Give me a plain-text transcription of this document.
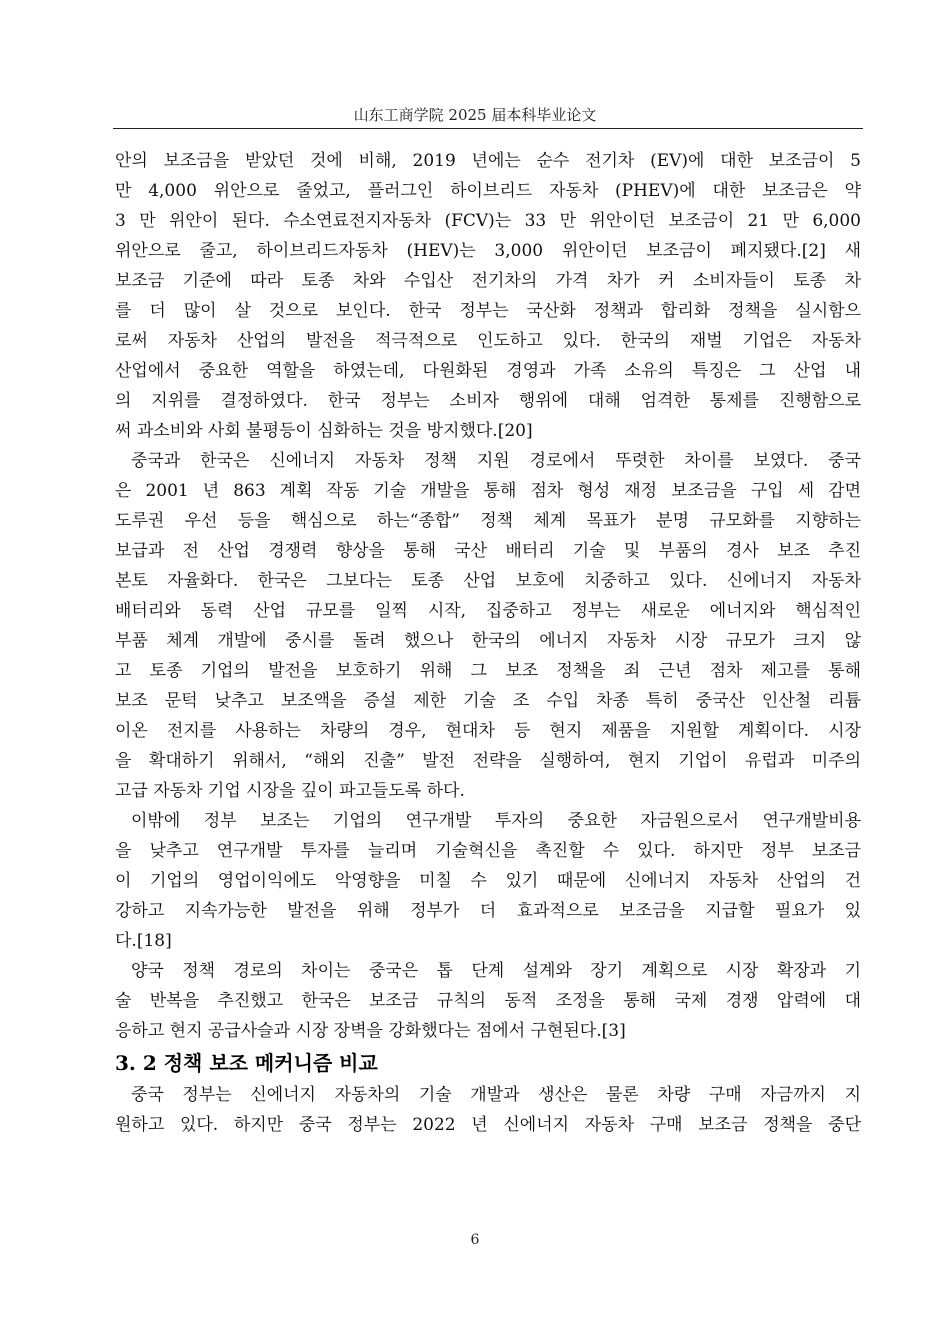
山东工商学院 2025 届本科毕业论文
안의 보조금을 받았던 것에 비해, 2019 년에는 순수 전기차 (EV)에 대한 보조금이 5
만 4,000 위안으로 줄었고, 플러그인 하이브리드 자동차 (PHEV)에 대한 보조금은 약
3 만 위안이 된다. 수소연료전지자동차 (FCV)는 33 만 위안이던 보조금이 21 만 6,000
위안으로 줄고, 하이브리드자동차 (HEV)는 3,000 위안이던 보조금이 폐지됐다.[2] 새
보조금 기준에 따라 토종 차와 수입산 전기차의 가격 차가 커 소비자들이 토종 차
를 더 많이 살 것으로 보인다. 한국 정부는 국산화 정책과 합리화 정책을 실시함으
로써 자동차 산업의 발전을 적극적으로 인도하고 있다. 한국의 재벌 기업은 자동차
산업에서 중요한 역할을 하였는데, 다원화된 경영과 가족 소유의 특징은 그 산업 내
의 지위를 결정하였다. 한국 정부는 소비자 행위에 대해 엄격한 통제를 진행함으로
써 과소비와 사회 불평등이 심화하는 것을 방지했다.[20]
중국과 한국은 신에너지 자동차 정책 지원 경로에서 뚜렷한 차이를 보였다. 중국
은 2001 년 863 계획 작동 기술 개발을 통해 점차 형성 재정 보조금을 구입 세 감면
도루권 우선 등을 핵심으로 하는“종합” 정책 체계 목표가 분명 규모화를 지향하는
보급과 전 산업 경쟁력 향상을 통해 국산 배터리 기술 및 부품의 경사 보조 추진
본토 자율화다. 한국은 그보다는 토종 산업 보호에 치중하고 있다. 신에너지 자동차
배터리와 동력 산업 규모를 일찍 시작, 집중하고 정부는 새로운 에너지와 핵심적인
부품 체계 개발에 중시를 돌려 했으나 한국의 에너지 자동차 시장 규모가 크지 않
고 토종 기업의 발전을 보호하기 위해 그 보조 정책을 죄 근년 점차 제고를 통해
보조 문턱 낮추고 보조액을 증설 제한 기술 조 수입 차종 특히 중국산 인산철 리튬
이온 전지를 사용하는 차량의 경우, 현대차 등 현지 제품을 지원할 계획이다. 시장
을 확대하기 위해서, “해외 진출” 발전 전략을 실행하여, 현지 기업이 유럽과 미주의
고급 자동차 기업 시장을 깊이 파고들도록 하다.
이밖에 정부 보조는 기업의 연구개발 투자의 중요한 자금원으로서 연구개발비용
을 낮추고 연구개발 투자를 늘리며 기술혁신을 촉진할 수 있다. 하지만 정부 보조금
이 기업의 영업이익에도 악영향을 미칠 수 있기 때문에 신에너지 자동차 산업의 건
강하고 지속가능한 발전을 위해 정부가 더 효과적으로 보조금을 지급할 필요가 있
다.[18]
양국 정책 경로의 차이는 중국은 톱 단계 설계와 장기 계획으로 시장 확장과 기
술 반복을 추진했고 한국은 보조금 규칙의 동적 조정을 통해 국제 경쟁 압력에 대
응하고 현지 공급사슬과 시장 장벽을 강화했다는 점에서 구현된다.[3]
3. 2 정책 보조 메커니즘 비교
중국 정부는 신에너지 자동차의 기술 개발과 생산은 물론 차량 구매 자금까지 지
원하고 있다. 하지만 중국 정부는 2022 년 신에너지 자동차 구매 보조금 정책을 중단
6
